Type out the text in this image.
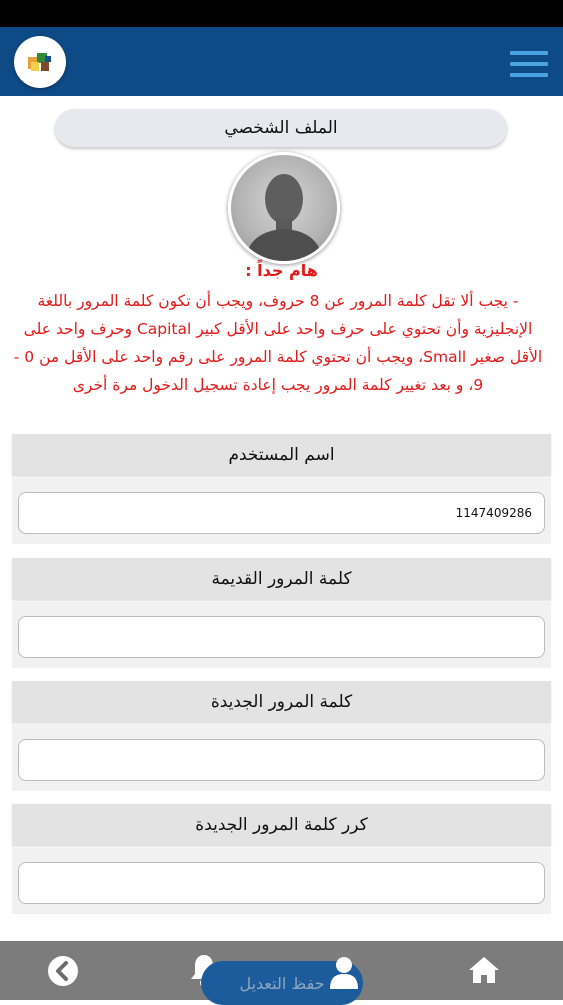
الملف الشخصي
هام جداً :
- يجب ألا تقل كلمة المرور عن 8 حروف، ويجب أن تكون كلمة المرور باللغة الإنجليزية وأن تحتوي على حرف واحد على الأقل كبير Capital وحرف واحد على الأقل صغير Small، ويجب أن تحتوي كلمة المرور على رقم واحد على الأقل من 0 - 9، و بعد تغيير كلمة المرور يجب إعادة تسجيل الدخول مرة أخرى
اسم المستخدم
1147409286
كلمة المرور القديمة
كلمة المرور الجديدة
كرر كلمة المرور الجديدة
حفظ التعديل
